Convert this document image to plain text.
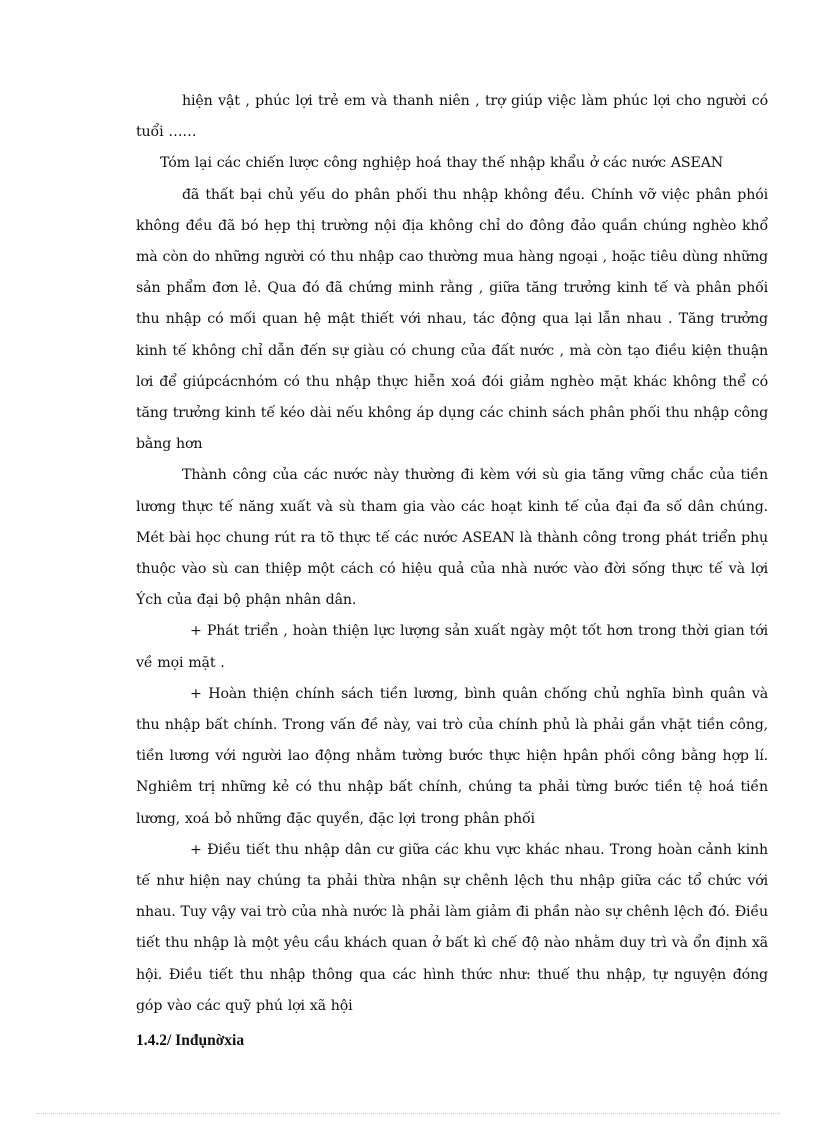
hiện vật , phúc lợi trẻ em và thanh niên , trợ giúp việc làm phúc lợi cho người có tuổi ……

Tóm lại các chiến lược công nghiệp hoá thay thế nhập khẩu ở các nước ASEAN

đã thất bại chủ yếu do phân phối thu nhập không đều. Chính vỡ việc phân phói không đều đã bó hẹp thị trường nội địa không chỉ do đông đảo quần chúng nghèo khổ mà còn do những người có thu nhập cao thường mua hàng ngoại , hoặc tiêu dùng những sản phẩm đơn lẻ. Qua đó đã chứng minh rằng , giữa tăng trưởng kinh tế và phân phối thu nhập có mối quan hệ mật thiết với nhau, tác động qua lại lẫn nhau . Tăng trưởng kinh tế không chỉ dẫn đến sự giàu có chung của đất nước , mà còn tạo điều kiện thuận lơi để giúpcácnhóm có thu nhập thực hiễn xoá đói giảm nghèo mặt khác không thể có tăng trưởng kinh tế kéo dài nếu không áp dụng các chinh sách phân phối thu nhập công bằng hơn

Thành công của các nước này thường đi kèm với sù gia tăng vững chắc của tiền lương thực tế năng xuất và sù tham gia vào các hoạt kinh tế của đại đa số dân chúng. Mét bài học chung rút ra tõ thực tế các nước ASEAN là thành công trong phát triển phụ thuộc vào sù can thiệp một cách có hiệu quả của nhà nước vào đời sống thực tế và lợi Ých của đại bộ phận nhân dân.

+ Phát triển , hoàn thiện lực lượng sản xuất ngày một tốt hơn trong thời gian tới về mọi mặt .

+ Hoàn thiện chính sách tiền lương, bình quân chống chủ nghĩa bình quân và thu nhập bất chính. Trong vấn đề này, vai trò của chính phủ là phải gắn vhặt tiền công, tiền lương với người lao động nhằm tường bước thực hiện hpân phối công bằng hợp lí. Nghiêm trị những kẻ có thu nhập bất chính, chúng ta phải từng bước tiền tệ hoá tiền lương, xoá bỏ những đặc quyền, đặc lợi trong phân phối

+ Điều tiết thu nhập dân cư giữa các khu vực khác nhau. Trong hoàn cảnh kinh tế như hiện nay chúng ta phải thừa nhận sự chênh lệch thu nhập giữa các tổ chức với nhau. Tuy vậy vai trò của nhà nước là phải làm giảm đi phần nào sự chênh lệch đó. Điều tiết thu nhập là một yêu cầu khách quan ở bất kì chế độ nào nhằm duy trì và ổn định xã hội. Điều tiết thu nhập thông qua các hình thức như: thuế thu nhập, tự nguyện đóng góp vào các quỹ phú lợi xã hội

1.4.2/ Inđụnờxia
